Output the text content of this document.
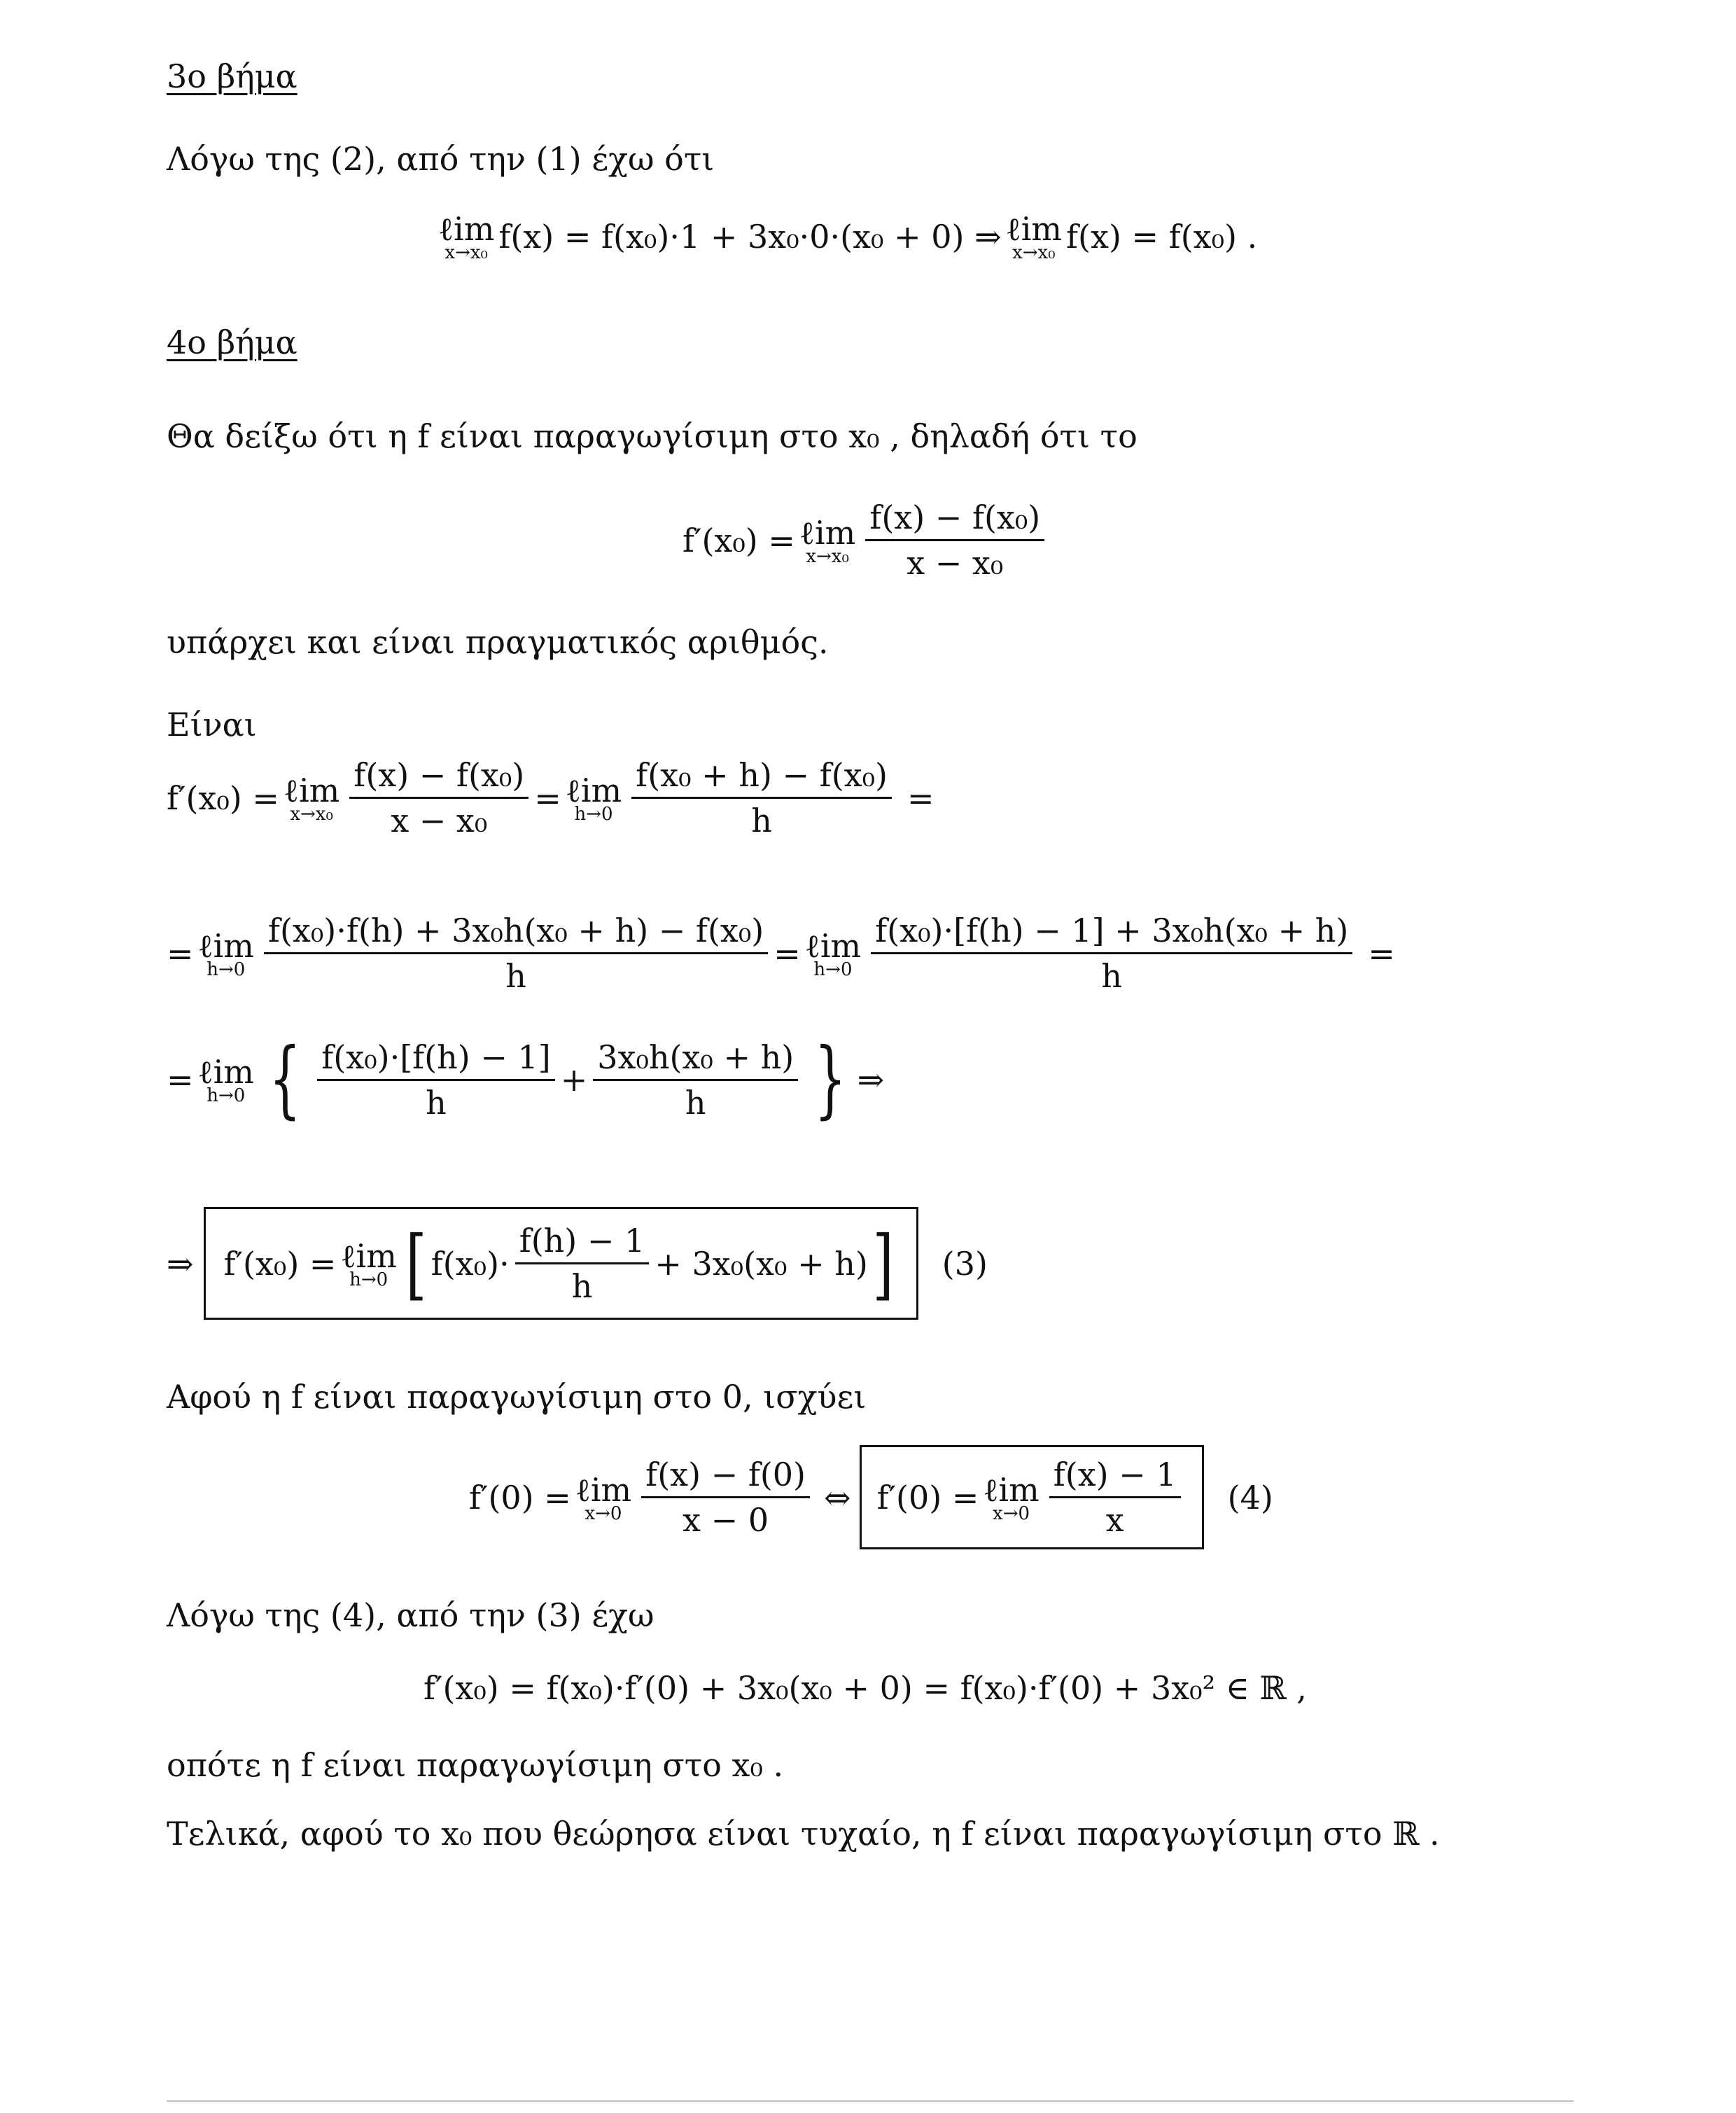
3ο βήμα
Λόγω της (2), από την (1) έχω ότι
ℓim
x→x₀ f(x) = f(x₀)·1 + 3x₀·0·(x₀ + 0) ⇒ ℓim
x→x₀ f(x) = f(x₀) .
4ο βήμα
Θα δείξω ότι η f είναι παραγωγίσιμη στο x₀ , δηλαδή ότι το
f′(x₀) = ℓim
$x\to x_0 \frac{\text{f(x) − f(x₀)}}{\text{x − x₀}}$
υπάρχει και είναι πραγματικός αριθμός.
Είναι
f′(x₀) = ℓim
$x\to x_0 \frac{\text{f(x) − f(x₀)}}{\text{x − x₀}}$ = ℓim
$h\to 0 \frac{\text{f(x₀ + h) − f(x₀)}}{h}$ =
= ℓim
$h\to 0 \frac{\text{f(x₀)·f(h) + 3x₀h(x₀ + h) − f(x₀)}}{h}$ = ℓim
$h\to 0 \frac{\text{f(x₀)·[f(h) − 1] + 3x₀h(x₀ + h)}}{h}$ =
= ℓim
h→0 { $\frac{\text{f(x₀)·[f(h) − 1]}}{h} + \frac{\text{3x₀h(x₀ + h)}}{h}$ } ⇒
⇒ f′(x₀) = ℓim
h→0 [ $f(x_0)\cdot \frac{f(h) - 1}{h} + 3x_0(x_0 + h)$ ] (3)
Αφού η f είναι παραγωγίσιμη στο 0, ισχύει
f′(0) = ℓim
$x\to 0 \frac{f(x) - f(0)}{x - 0}$ ⇔ f′(0) = ℓim
$x\to 0 \frac{f(x) - 1}{x} (4)$
Λόγω της (4), από την (3) έχω
f′(x₀) = f(x₀)·f′(0) + 3x₀(x₀ + 0) = f(x₀)·f′(0) + 3x₀² ∈ ℝ ,
οπότε η f είναι παραγωγίσιμη στο x₀ .
Τελικά, αφού το x₀ που θεώρησα είναι τυχαίο, η f είναι παραγωγίσιμη στο ℝ .
